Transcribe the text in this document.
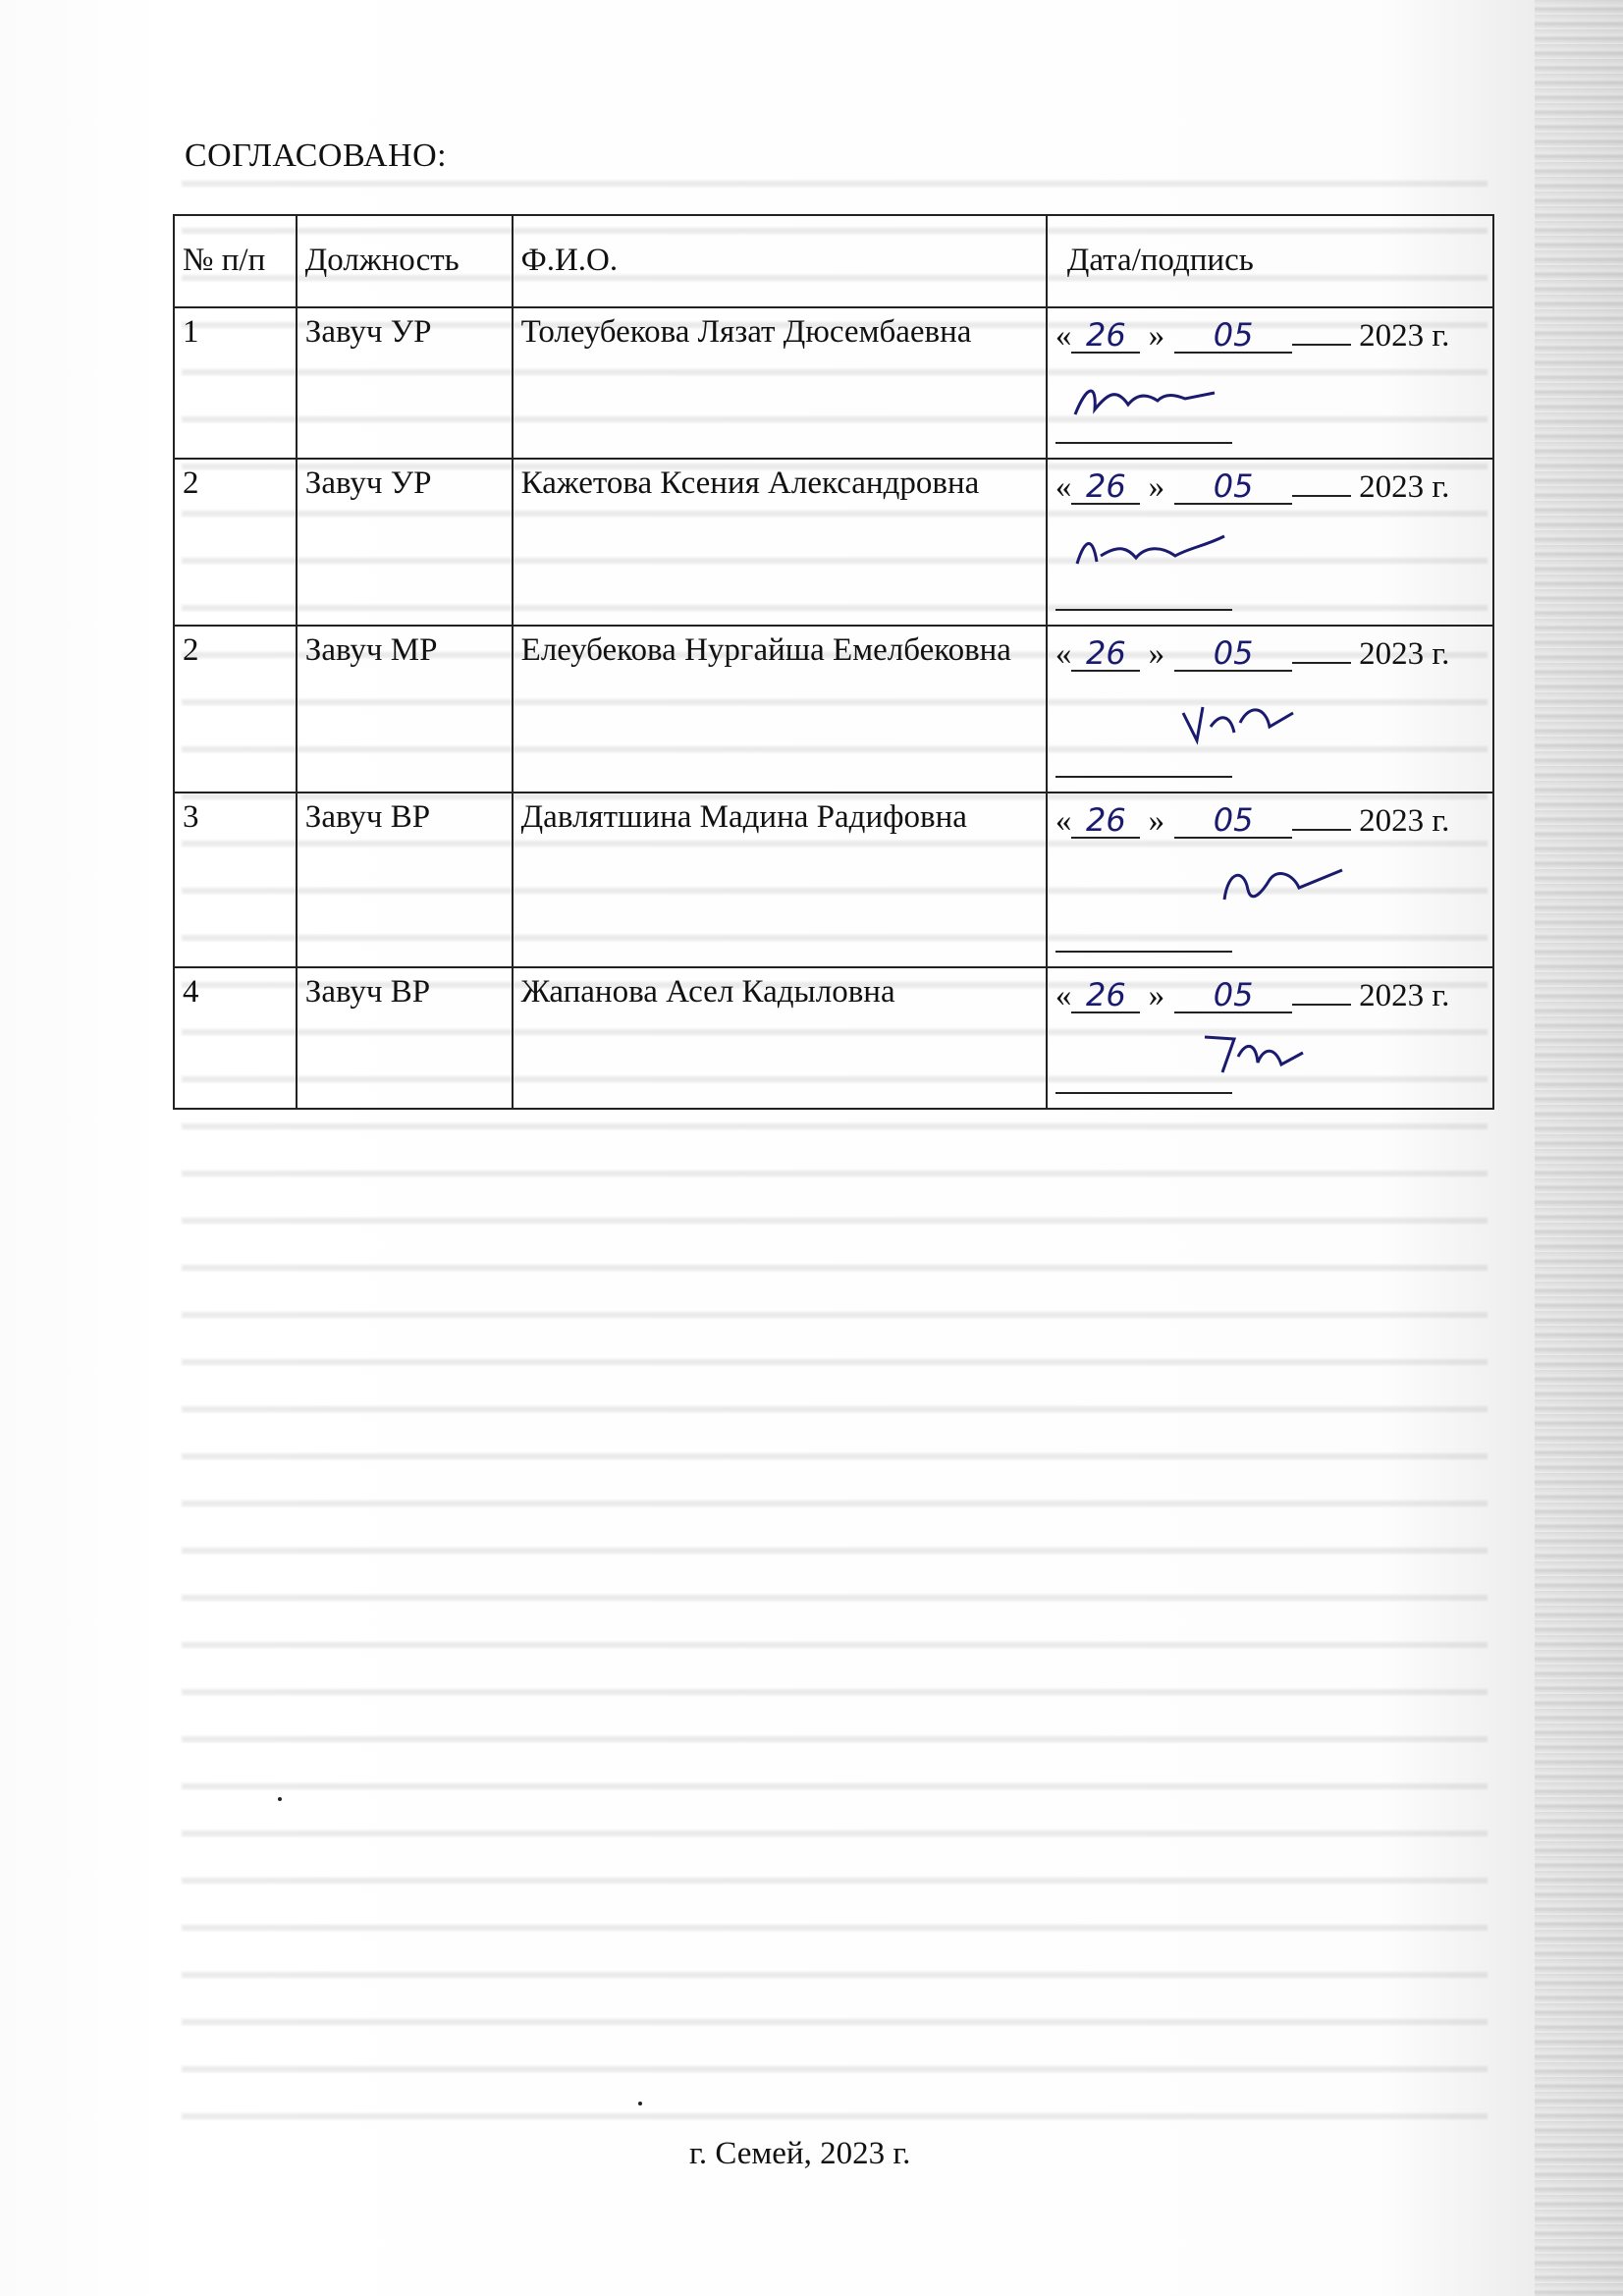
СОГЛАСОВАНО:
№ п/п	Должность	Ф.И.О.	Дата/подпись
1	Завуч УР	Толеубекова Лязат Дюсембаевна	« 26 » 05 2023 г.

2	Завуч УР	Кажетова Ксения Александровна	« 26 » 05 2023 г.

2	Завуч МР	Елеубекова Нургайша Емелбековна	« 26 » 05 2023 г.

3	Завуч ВР	Давлятшина Мадина Радифовна	« 26 » 05 2023 г.

4	Завуч ВР	Жапанова Асел Кадыловна	« 26 » 05 2023 г.
г. Семей, 2023 г.
